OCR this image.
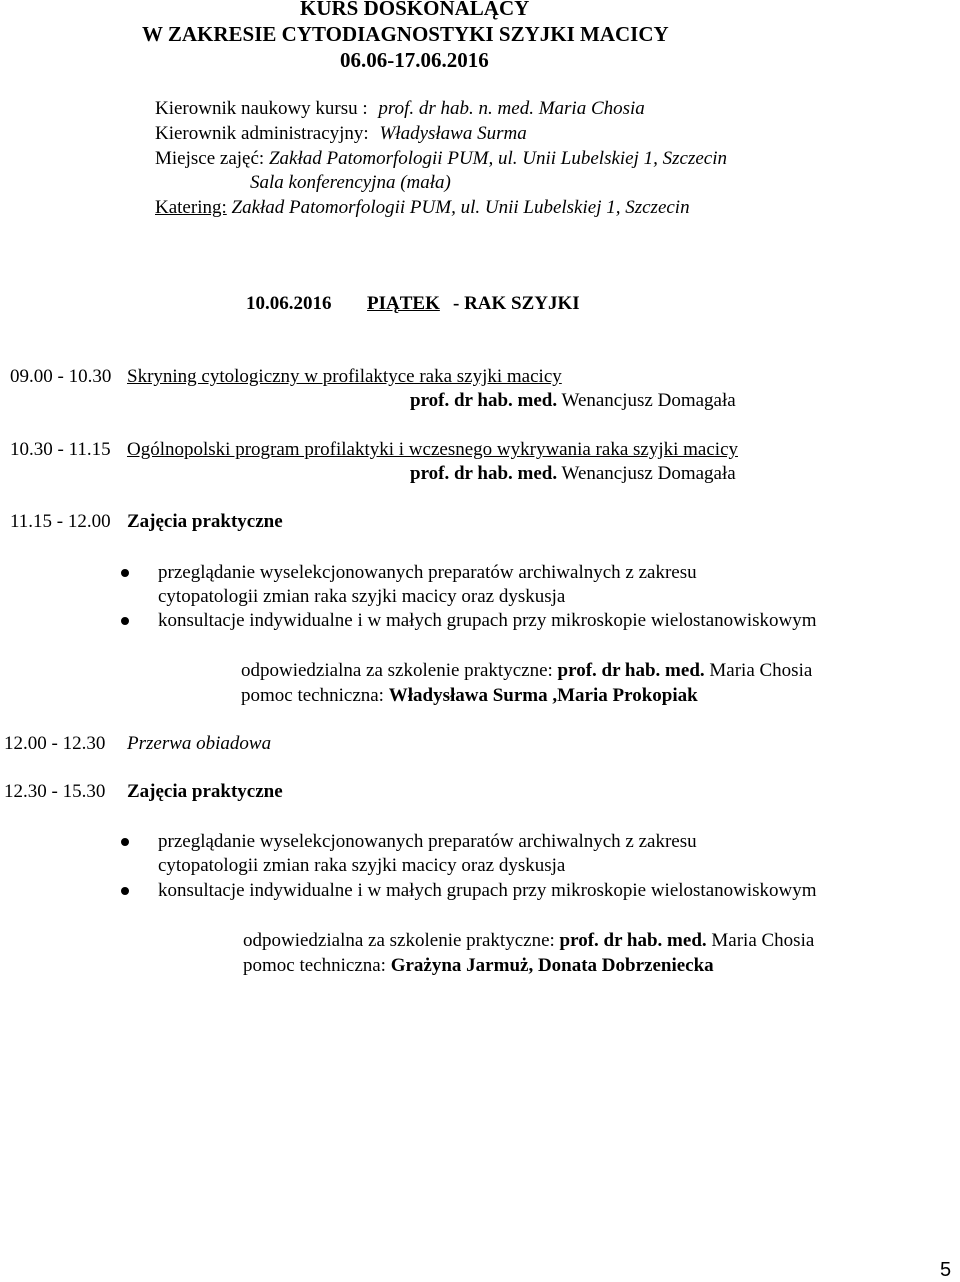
KURS DOSKONALĄCY
W ZAKRESIE CYTODIAGNOSTYKI SZYJKI MACICY
06.06-17.06.2016
Kierownik naukowy kursu : prof. dr hab. n. med. Maria Chosia
Kierownik administracyjny: Władysława Surma
Miejsce zajęć: Zakład Patomorfologii PUM, ul. Unii Lubelskiej 1, Szczecin
Sala konferencyjna (mała)
Katering: Zakład Patomorfologii PUM, ul. Unii Lubelskiej 1, Szczecin
10.06.2016 PIĄTEK - RAK SZYJKI
09.00 - 10.30 Skryning cytologiczny w profilaktyce raka szyjki macicy
prof. dr hab. med. Wenancjusz Domagała
10.30 - 11.15 Ogólnopolski program profilaktyki i wczesnego wykrywania raka szyjki macicy
prof. dr hab. med. Wenancjusz Domagała
11.15 - 12.00 Zajęcia praktyczne
przeglądanie wyselekcjonowanych preparatów archiwalnych z zakresu
cytopatologii zmian raka szyjki macicy oraz dyskusja
konsultacje indywidualne i w małych grupach przy mikroskopie wielostanowiskowym
odpowiedzialna za szkolenie praktyczne: prof. dr hab. med. Maria Chosia
pomoc techniczna: Władysława Surma ,Maria Prokopiak
12.00 - 12.30 Przerwa obiadowa
12.30 - 15.30 Zajęcia praktyczne
przeglądanie wyselekcjonowanych preparatów archiwalnych z zakresu
cytopatologii zmian raka szyjki macicy oraz dyskusja
konsultacje indywidualne i w małych grupach przy mikroskopie wielostanowiskowym
odpowiedzialna za szkolenie praktyczne: prof. dr hab. med. Maria Chosia
pomoc techniczna: Grażyna Jarmuż, Donata Dobrzeniecka
5
